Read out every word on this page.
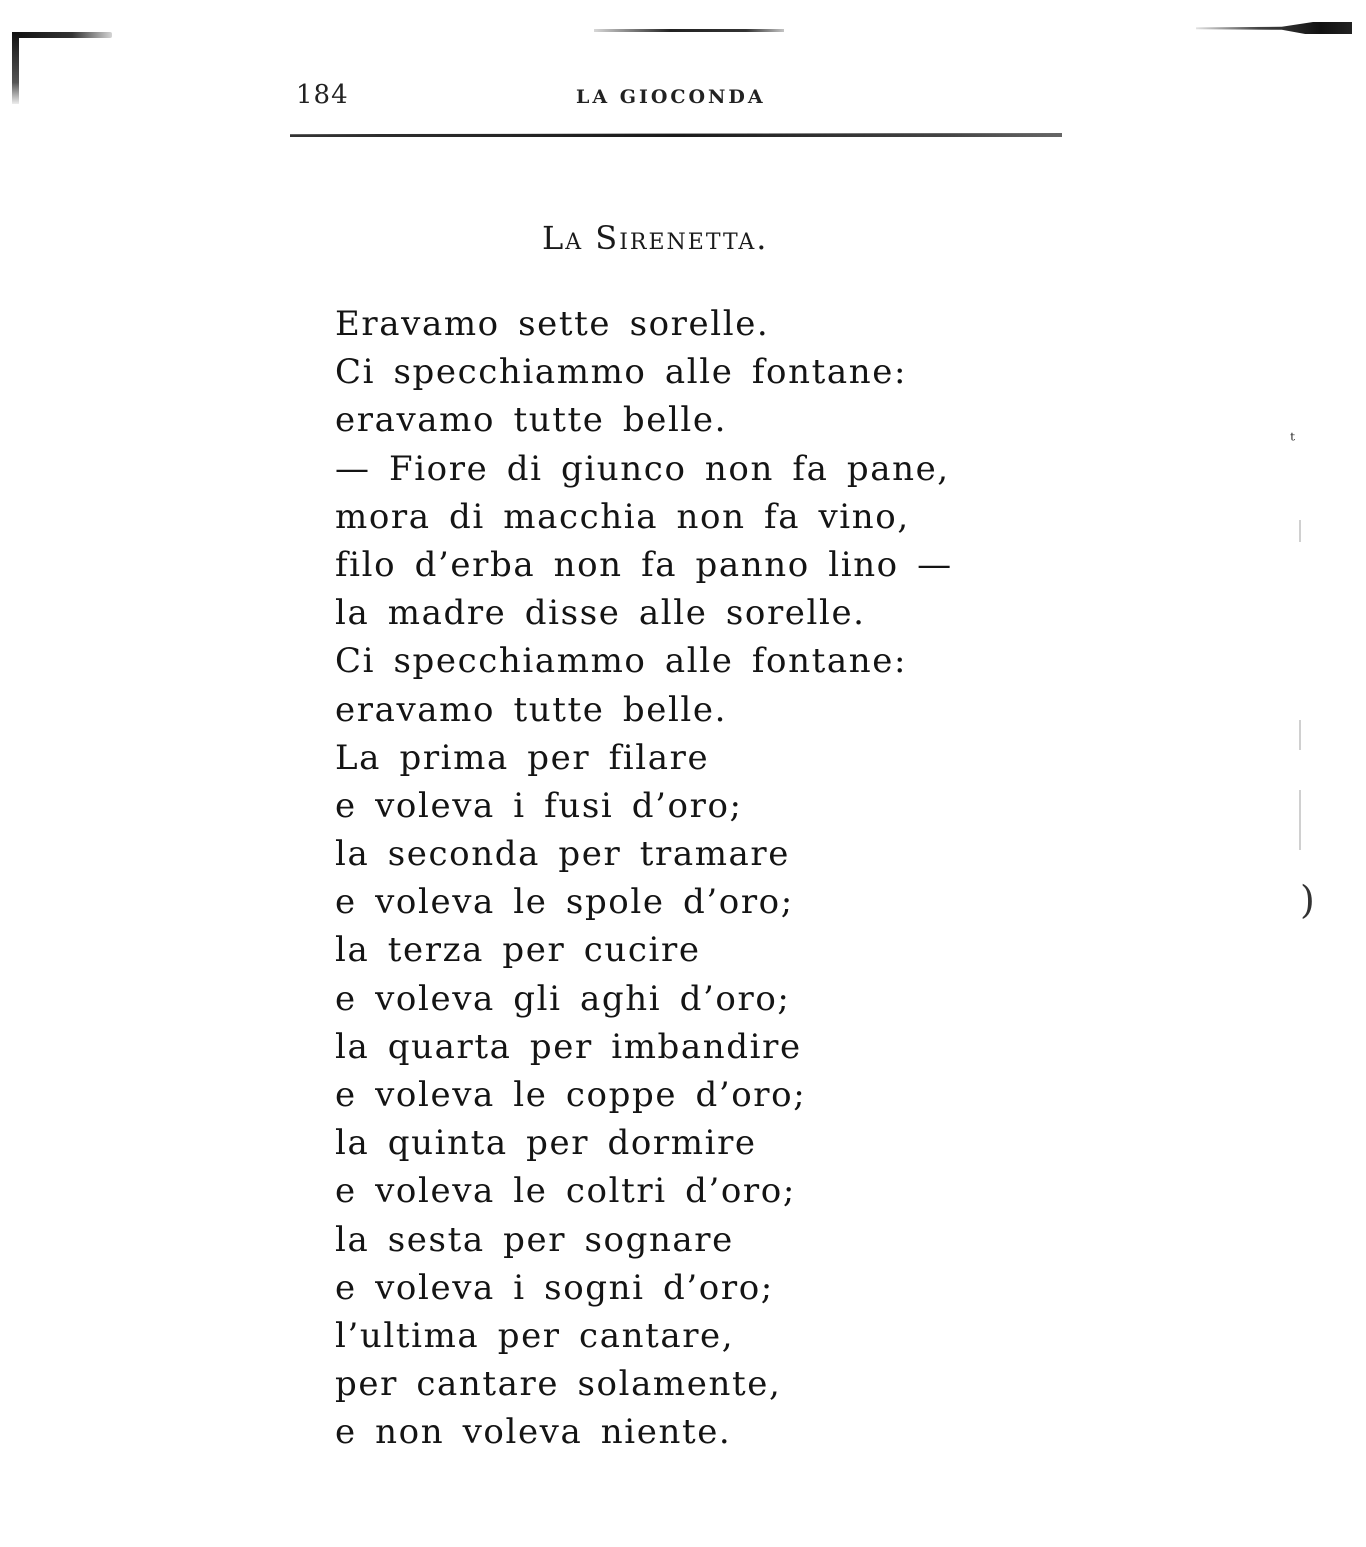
ᵗ
)
184	LA GIOCONDA
La Sirenetta.
Eravamo sette sorelle.
Ci specchiammo alle fontane:
eravamo tutte belle.
— Fiore di giunco non fa pane,
mora di macchia non fa vino,
filo d’erba non fa panno lino —
la madre disse alle sorelle.
Ci specchiammo alle fontane:
eravamo tutte belle.
La prima per filare
e voleva i fusi d’oro;
la seconda per tramare
e voleva le spole d’oro;
la terza per cucire
e voleva gli aghi d’oro;
la quarta per imbandire
e voleva le coppe d’oro;
la quinta per dormire
e voleva le coltri d’oro;
la sesta per sognare
e voleva i sogni d’oro;
l’ultima per cantare,
per cantare solamente,
e non voleva niente.
